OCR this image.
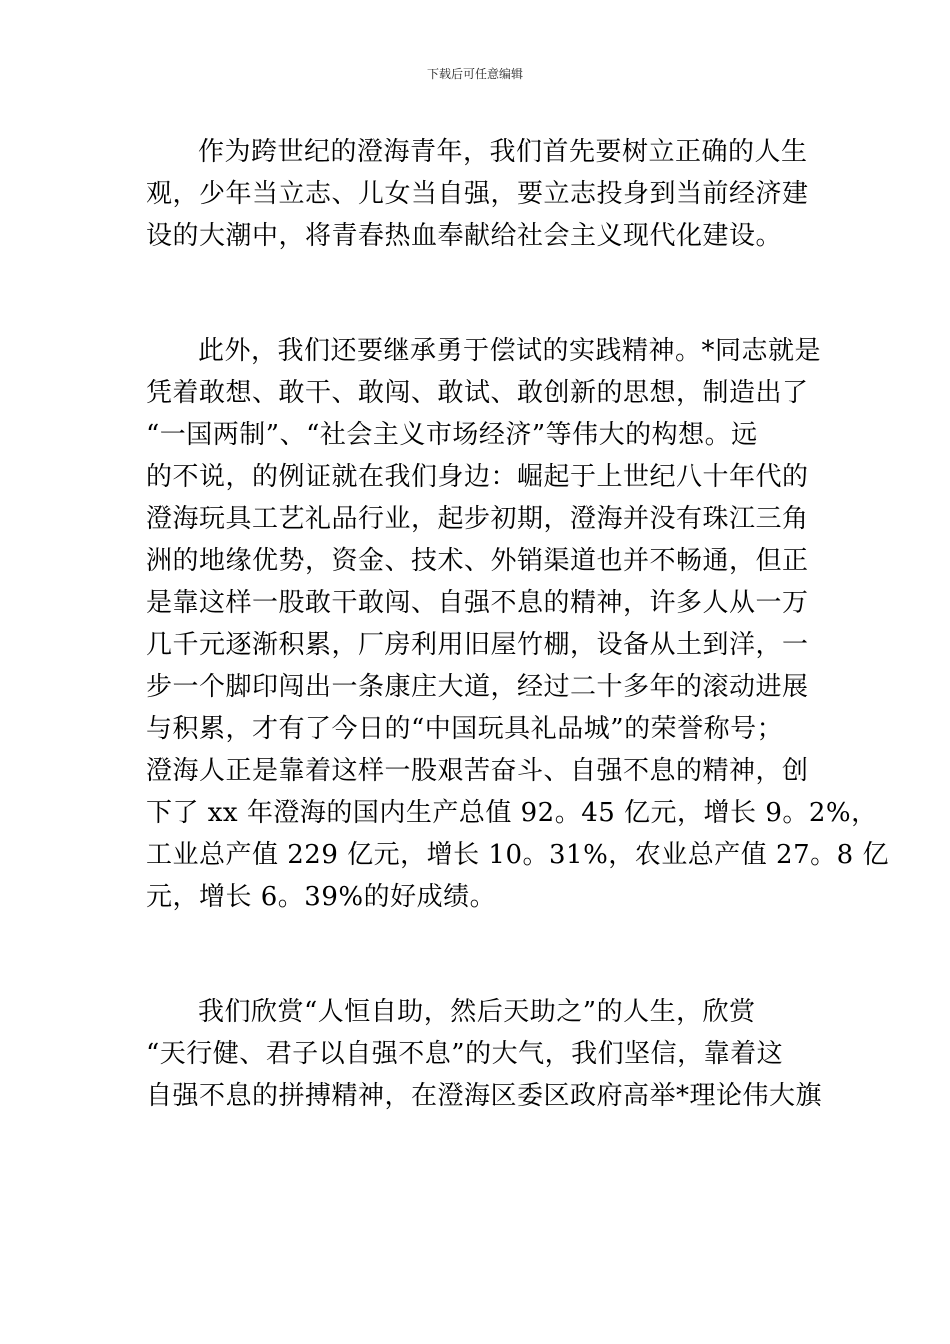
下载后可任意编辑
作为跨世纪的澄海青年，我们首先要树立正确的人生
观，少年当立志、儿女当自强，要立志投身到当前经济建
设的大潮中，将青春热血奉献给社会主义现代化建设。
此外，我们还要继承勇于偿试的实践精神。*同志就是
凭着敢想、敢干、敢闯、敢试、敢创新的思想，制造出了
“一国两制”、“社会主义市场经济”等伟大的构想。远
的不说，的例证就在我们身边：崛起于上世纪八十年代的
澄海玩具工艺礼品行业，起步初期，澄海并没有珠江三角
洲的地缘优势，资金、技术、外销渠道也并不畅通，但正
是靠这样一股敢干敢闯、自强不息的精神，许多人从一万
几千元逐渐积累，厂房利用旧屋竹棚，设备从土到洋，一
步一个脚印闯出一条康庄大道，经过二十多年的滚动进展
与积累，才有了今日的“中国玩具礼品城”的荣誉称号；
澄海人正是靠着这样一股艰苦奋斗、自强不息的精神，创
下了 xx 年澄海的国内生产总值 92。45 亿元，增长 9。2%，
工业总产值 229 亿元，增长 10。31%，农业总产值 27。8 亿
元，增长 6。39%的好成绩。
我们欣赏“人恒自助，然后天助之”的人生，欣赏
“天行健、君子以自强不息”的大气，我们坚信，靠着这
自强不息的拼搏精神，在澄海区委区政府高举*理论伟大旗
